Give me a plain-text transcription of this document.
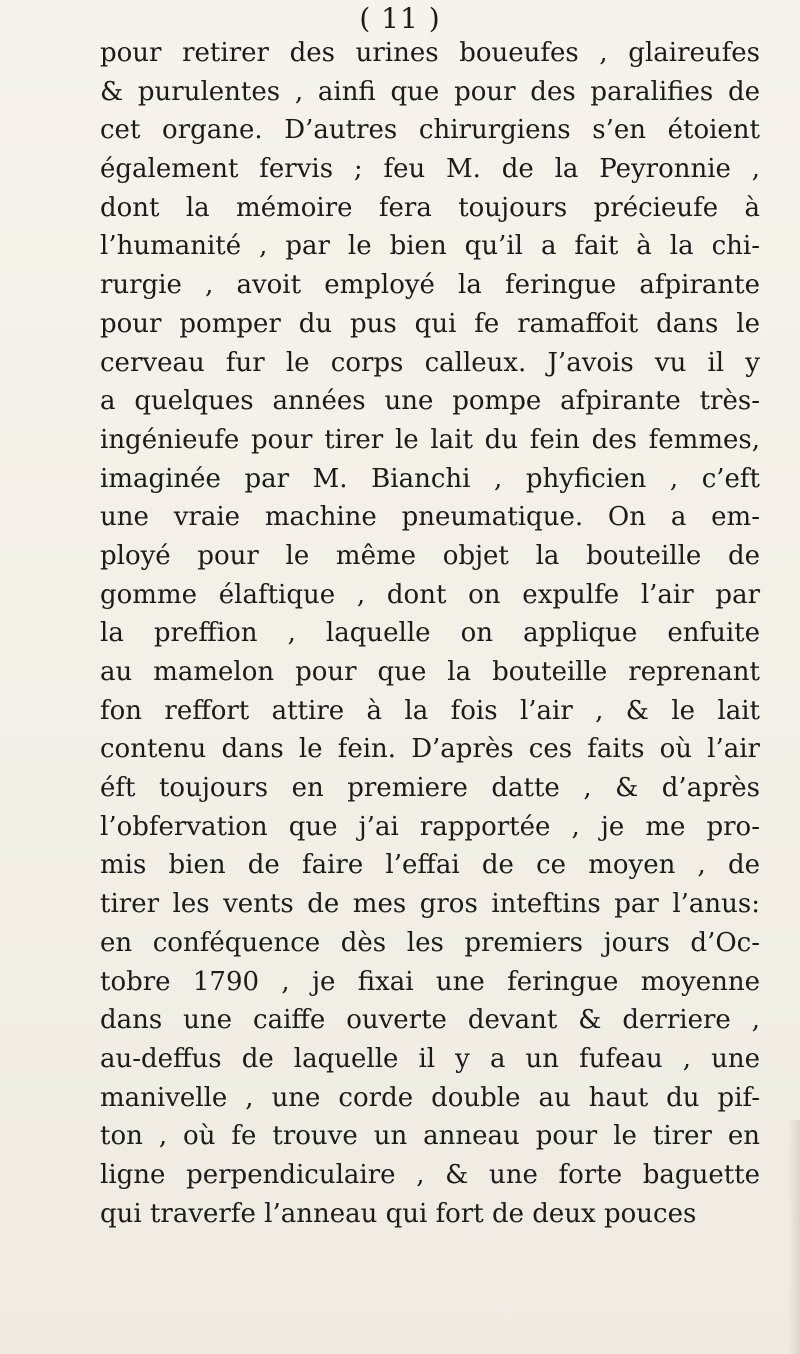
( 11 )
pour retirer des urines boueufes , glaireufes
& purulentes , ainfi que pour des paralifies de
cet organe. D’autres chirurgiens s’en étoient
également fervis ; feu M. de la Peyronnie ,
dont la mémoire fera toujours précieufe à
l’humanité , par le bien qu’il a fait à la chi-
rurgie , avoit employé la feringue afpirante
pour pomper du pus qui fe ramaffoit dans le
cerveau fur le corps calleux. J’avois vu il y
a quelques années une pompe afpirante très-
ingénieufe pour tirer le lait du fein des femmes,
imaginée par M. Bianchi , phyficien , c’eft
une vraie machine pneumatique. On a em-
ployé pour le même objet la bouteille de
gomme élaftique , dont on expulfe l’air par
la preffion , laquelle on applique enfuite
au mamelon pour que la bouteille reprenant
fon reffort attire à la fois l’air , & le lait
contenu dans le fein. D’après ces faits où l’air
éft toujours en premiere datte , & d’après
l’obfervation que j’ai rapportée , je me pro-
mis bien de faire l’effai de ce moyen , de
tirer les vents de mes gros inteftins par l’anus:
en conféquence dès les premiers jours d’Oc-
tobre 1790 , je fixai une feringue moyenne
dans une caiffe ouverte devant & derriere ,
au-deffus de laquelle il y a un fufeau , une
manivelle , une corde double au haut du pif-
ton , où fe trouve un anneau pour le tirer en
ligne perpendiculaire , & une forte baguette
qui traverfe l’anneau qui fort de deux pouces
